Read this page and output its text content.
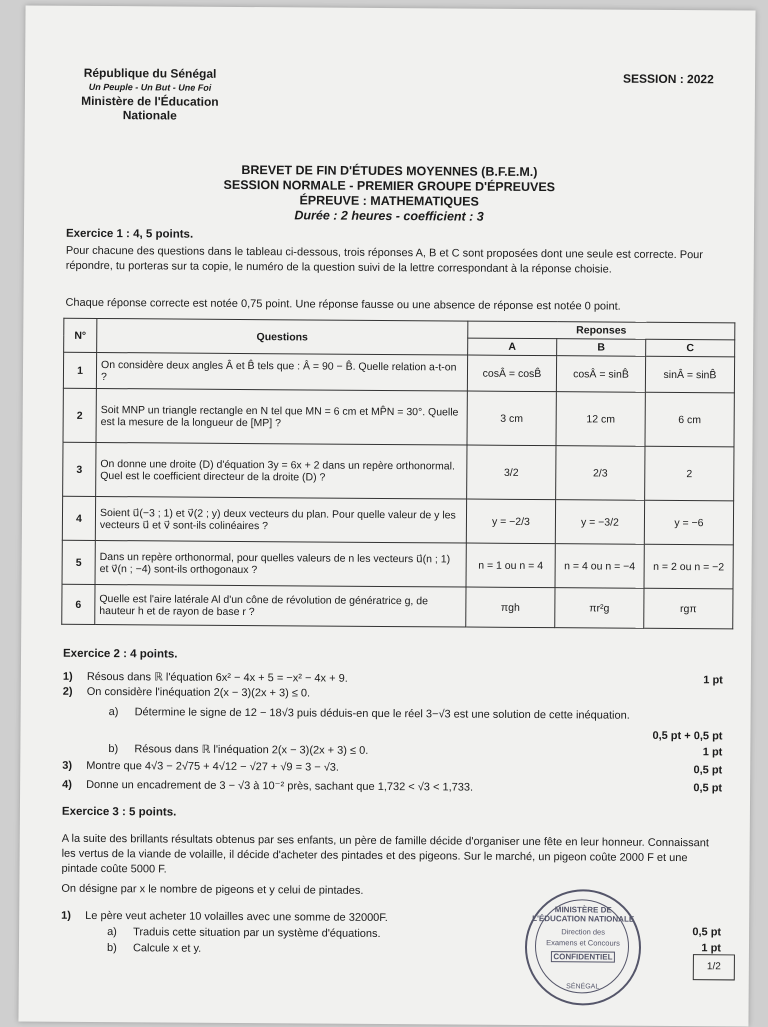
République du Sénégal
Un Peuple - Un But - Une Foi
Ministère de l'Éducation Nationale
SESSION : 2022
BREVET DE FIN D'ÉTUDES MOYENNES (B.F.E.M.)
SESSION NORMALE - PREMIER GROUPE D'ÉPREUVES
ÉPREUVE : MATHEMATIQUES
Durée : 2 heures - coefficient : 3
Exercice 1 : 4, 5 points.
Pour chacune des questions dans le tableau ci-dessous, trois réponses A, B et C sont proposées dont une seule est correcte. Pour répondre, tu porteras sur ta copie, le numéro de la question suivi de la lettre correspondant à la réponse choisie.
Chaque réponse correcte est notée 0,75 point. Une réponse fausse ou une absence de réponse est notée 0 point.
N°	Questions	Reponses		
		A	B	C
1	On considère deux angles Â et B̂ tels que : Â = 90 − B̂. Quelle relation a-t-on ?	cosÂ = cosB̂	cosÂ = sinB̂	sinÂ = sinB̂
2	Soit MNP un triangle rectangle en N tel que MN = 6 cm et MP̂N = 30°. Quelle est la mesure de la longueur de [MP] ?	3 cm	12 cm	6 cm
3	On donne une droite (D) d'équation 3y = 6x + 2 dans un repère orthonormal. Quel est le coefficient directeur de la droite (D) ?	3/2	2/3	2
4	Soient u⃗(−3 ; 1) et v⃗(2 ; y) deux vecteurs du plan. Pour quelle valeur de y les vecteurs u⃗ et v⃗ sont-ils colinéaires ?	y = −2/3	y = −3/2	y = −6
5	Dans un repère orthonormal, pour quelles valeurs de n les vecteurs u⃗(n ; 1) et v⃗(n ; −4) sont-ils orthogonaux ?	n = 1 ou n = 4	n = 4 ou n = −4	n = 2 ou n = −2
6	Quelle est l'aire latérale Al d'un cône de révolution de génératrice g, de hauteur h et de rayon de base r ?	πgh	πr²g	rgπ
Exercice 2 : 4 points.
1) Résous dans ℝ l'équation 6x² − 4x + 5 = −x² − 4x + 9.	1 pt
2) On considère l'inéquation 2(x − 3)(2x + 3) ≤ 0.
a) Détermine le signe de 12 − 18√3 puis déduis-en que le réel 3−√3 est une solution de cette inéquation.
0,5 pt + 0,5 pt
b) Résous dans ℝ l'inéquation 2(x − 3)(2x + 3) ≤ 0.	1 pt
3) Montre que 4√3 − 2√75 + 4√12 − √27 + √9 = 3 − √3.	0,5 pt
4) Donne un encadrement de 3 − √3 à 10⁻² près, sachant que 1,732 < √3 < 1,733.	0,5 pt
Exercice 3 : 5 points.
A la suite des brillants résultats obtenus par ses enfants, un père de famille décide d'organiser une fête en leur honneur. Connaissant les vertus de la viande de volaille, il décide d'acheter des pintades et des pigeons. Sur le marché, un pigeon coûte 2000 F et une pintade coûte 5000 F.
On désigne par x le nombre de pigeons et y celui de pintades.
1) Le père veut acheter 10 volailles avec une somme de 32000F.
a) Traduis cette situation par un système d'équations.	0,5 pt
b) Calcule x et y.	1 pt
MINISTÈRE DE L'ÉDUCATION NATIONALE
Direction des
Examens et Concours
CONFIDENTIEL
SÉNÉGAL
1/2
